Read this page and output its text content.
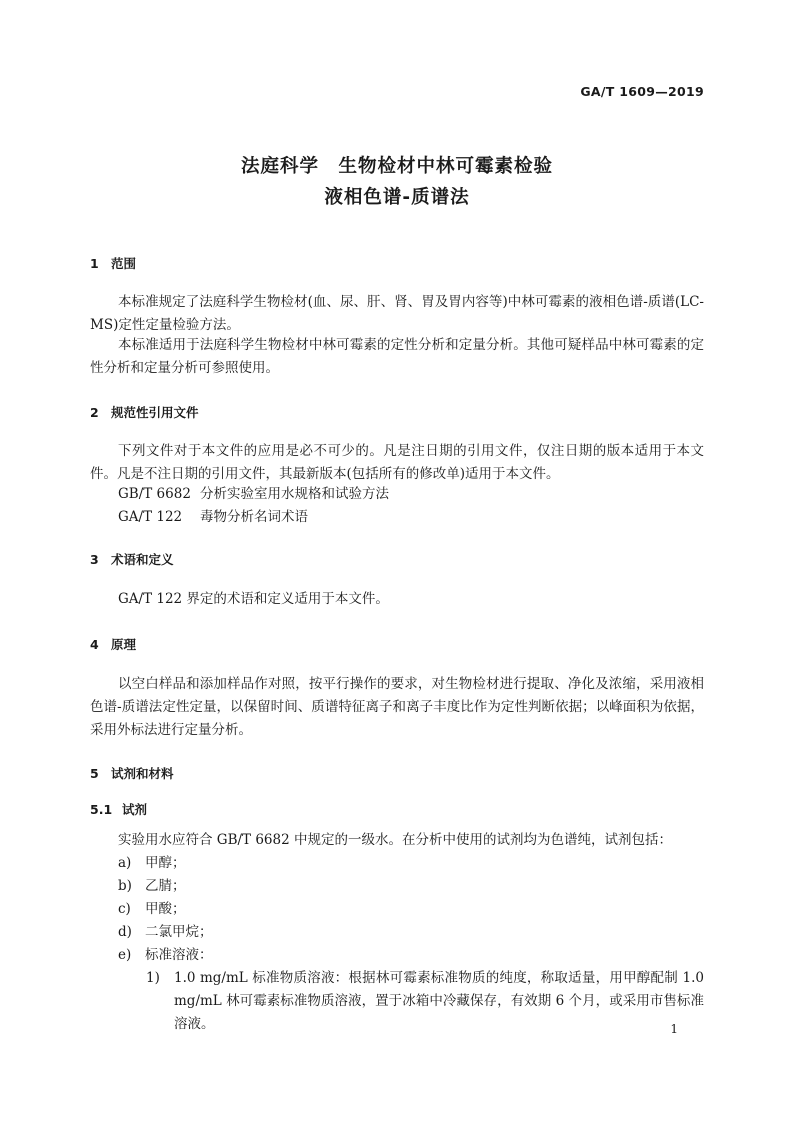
GA/T 1609—2019
法庭科学　生物检材中林可霉素检验
液相色谱-质谱法
1 范围
本标准规定了法庭科学生物检材(血、尿、肝、肾、胃及胃内容等)中林可霉素的液相色谱-质谱(LC-MS)定性定量检验方法。
本标准适用于法庭科学生物检材中林可霉素的定性分析和定量分析。其他可疑样品中林可霉素的定性分析和定量分析可参照使用。
2 规范性引用文件
下列文件对于本文件的应用是必不可少的。凡是注日期的引用文件，仅注日期的版本适用于本文件。凡是不注日期的引用文件，其最新版本(包括所有的修改单)适用于本文件。
GB/T 6682 分析实验室用水规格和试验方法
GA/T 122 毒物分析名词术语
3 术语和定义
GA/T 122 界定的术语和定义适用于本文件。
4 原理
以空白样品和添加样品作对照，按平行操作的要求，对生物检材进行提取、净化及浓缩，采用液相色谱-质谱法定性定量，以保留时间、质谱特征离子和离子丰度比作为定性判断依据；以峰面积为依据，采用外标法进行定量分析。
5 试剂和材料
5.1 试剂
实验用水应符合 GB/T 6682 中规定的一级水。在分析中使用的试剂均为色谱纯，试剂包括：
a) 甲醇；
b) 乙腈；
c) 甲酸；
d) 二氯甲烷；
e) 标准溶液：
1) 1.0 mg/mL 标准物质溶液：根据林可霉素标准物质的纯度，称取适量，用甲醇配制 1.0 mg/mL 林可霉素标准物质溶液，置于冰箱中冷藏保存，有效期 6 个月，或采用市售标准溶液。	1
